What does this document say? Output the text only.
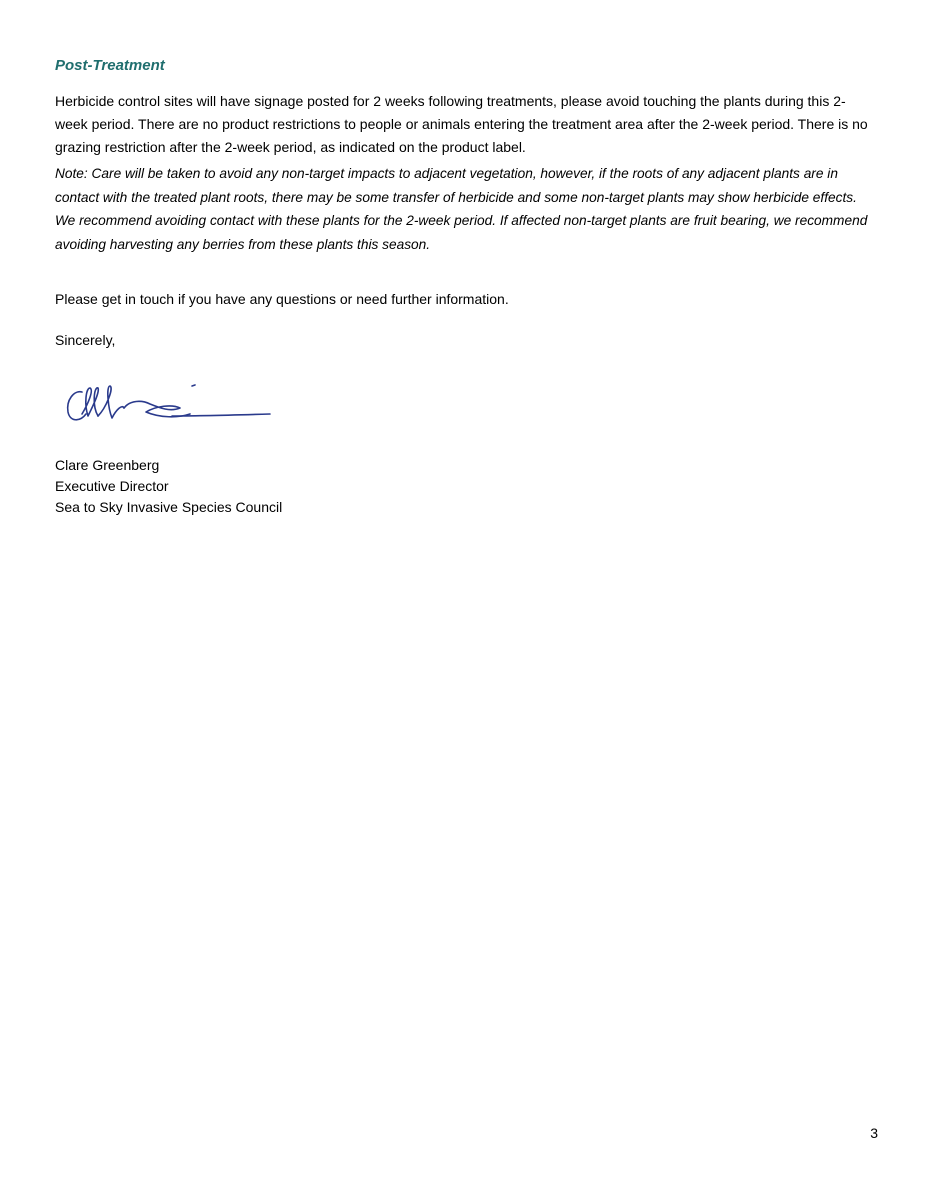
Post-Treatment

Herbicide control sites will have signage posted for 2 weeks following treatments, please avoid touching the plants during this 2-week period. There are no product restrictions to people or animals entering the treatment area after the 2-week period. There is no grazing restriction after the 2-week period, as indicated on the product label.

Note: Care will be taken to avoid any non-target impacts to adjacent vegetation, however, if the roots of any adjacent plants are in contact with the treated plant roots, there may be some transfer of herbicide and some non-target plants may show herbicide effects. We recommend avoiding contact with these plants for the 2-week period. If affected non-target plants are fruit bearing, we recommend avoiding harvesting any berries from these plants this season.

Please get in touch if you have any questions or need further information.

Sincerely,

Clare Greenberg
Executive Director
Sea to Sky Invasive Species Council
3
